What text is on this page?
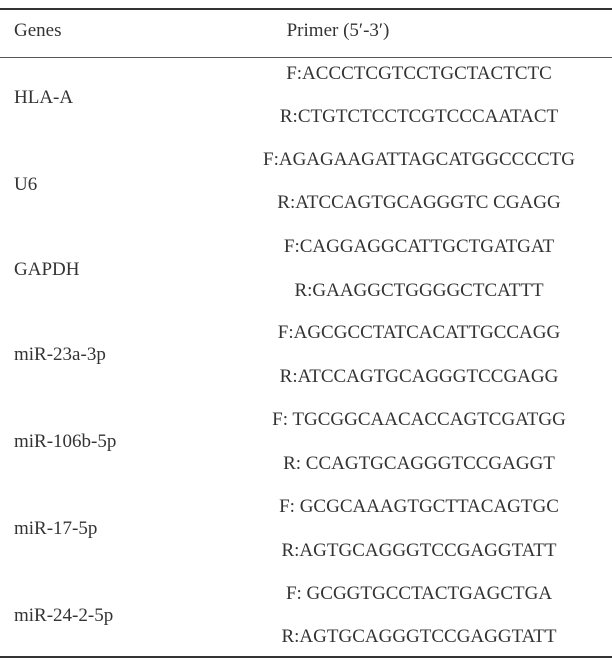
Genes	Primer (5′-3′)
HLA-A
F:ACCCTCGTCCTGCTACTCTC
R:CTGTCTCCTCGTCCCAATACT
U6
F:AGAGAAGATTAGCATGGCCCCTG
R:ATCCAGTGCAGGGTC CGAGG
GAPDH
F:CAGGAGGCATTGCTGATGAT
R:GAAGGCTGGGGCTCATTT
miR-23a-3p
F:AGCGCCTATCACATTGCCAGG
R:ATCCAGTGCAGGGTCCGAGG
miR-106b-5p
F: TGCGGCAACACCAGTCGATGG
R: CCAGTGCAGGGTCCGAGGT
miR-17-5p
F: GCGCAAAGTGCTTACAGTGC
R:AGTGCAGGGTCCGAGGTATT
miR-24-2-5p
F: GCGGTGCCTACTGAGCTGA
R:AGTGCAGGGTCCGAGGTATT
